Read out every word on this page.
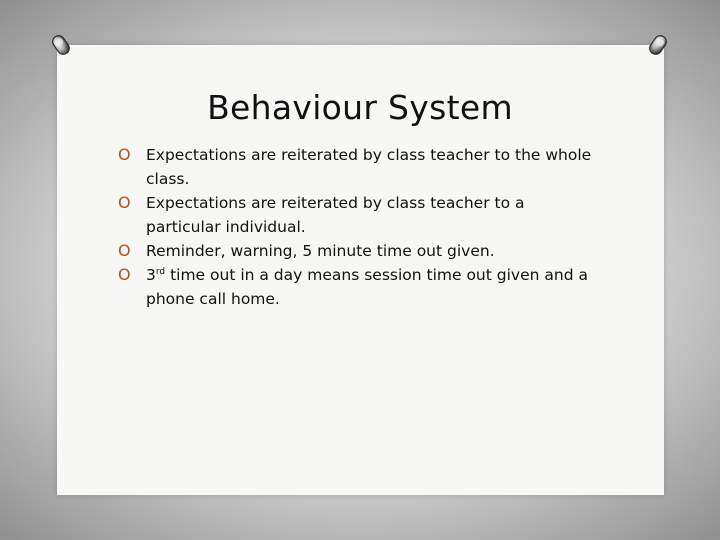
Behaviour System
O Expectations are reiterated by class teacher to the whole class.
O Expectations are reiterated by class teacher to a particular individual.
O Reminder, warning, 5 minute time out given.
O 3rd time out in a day means session time out given and a phone call home.
